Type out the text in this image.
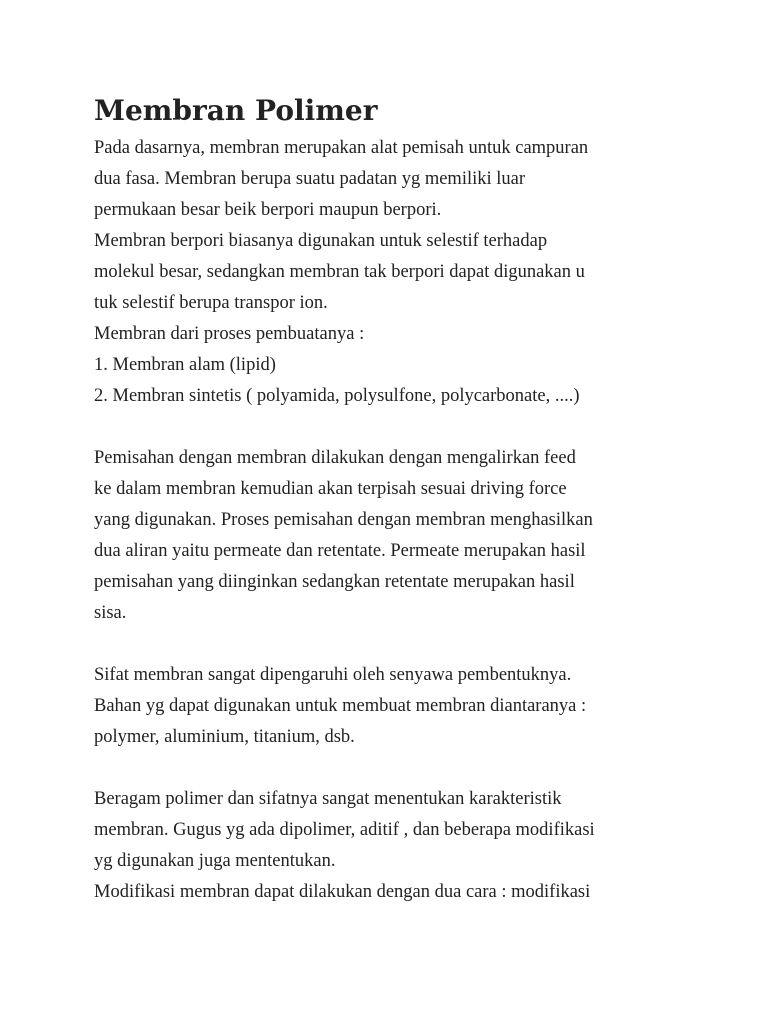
Membran Polimer
Pada dasarnya, membran merupakan alat pemisah untuk campuran
dua fasa. Membran berupa suatu padatan yg memiliki luar
permukaan besar beik berpori maupun berpori.
Membran berpori biasanya digunakan untuk selestif terhadap
molekul besar, sedangkan membran tak berpori dapat digunakan u
tuk selestif berupa transpor ion.
Membran dari proses pembuatanya :
1. Membran alam (lipid)
2. Membran sintetis ( polyamida, polysulfone, polycarbonate, ....)
Pemisahan dengan membran dilakukan dengan mengalirkan feed
ke dalam membran kemudian akan terpisah sesuai driving force
yang digunakan. Proses pemisahan dengan membran menghasilkan
dua aliran yaitu permeate dan retentate. Permeate merupakan hasil
pemisahan yang diinginkan sedangkan retentate merupakan hasil
sisa.
Sifat membran sangat dipengaruhi oleh senyawa pembentuknya.
Bahan yg dapat digunakan untuk membuat membran diantaranya :
polymer, aluminium, titanium, dsb.
Beragam polimer dan sifatnya sangat menentukan karakteristik
membran. Gugus yg ada dipolimer, aditif , dan beberapa modifikasi
yg digunakan juga mententukan.
Modifikasi membran dapat dilakukan dengan dua cara : modifikasi
